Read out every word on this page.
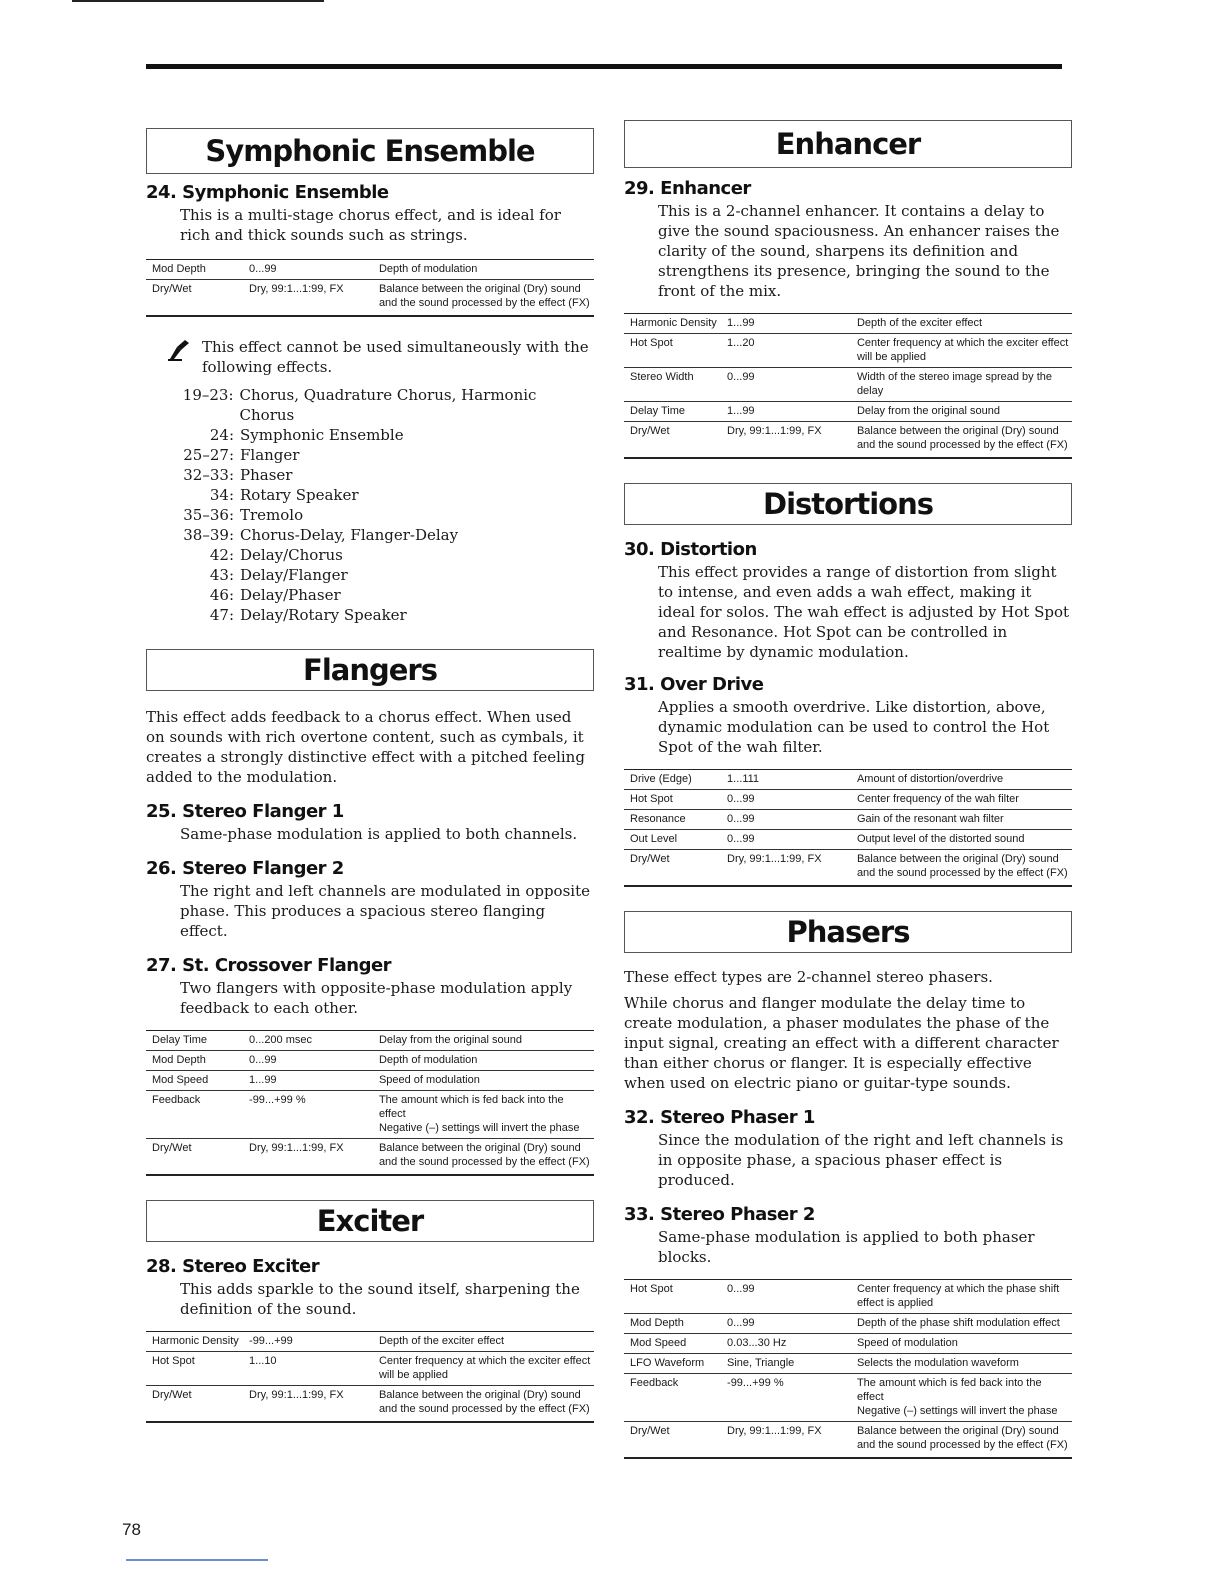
Symphonic Ensemble
24. Symphonic Ensemble

This is a multi-stage chorus effect, and is ideal for rich and thick sounds such as strings.

Mod Depth	0...99	Depth of modulation
Dry/Wet	Dry, 99:1...1:99, FX	Balance between the original (Dry) sound and the sound processed by the effect (FX)

This effect cannot be used simultaneously with the following effects.

19–23: Chorus, Quadrature Chorus, Harmonic Chorus
24: Symphonic Ensemble
25–27: Flanger
32–33: Phaser
34: Rotary Speaker
35–36: Tremolo
38–39: Chorus-Delay, Flanger-Delay
42: Delay/Chorus
43: Delay/Flanger
46: Delay/Phaser
47: Delay/Rotary Speaker
Flangers

This effect adds feedback to a chorus effect. When used on sounds with rich overtone content, such as cymbals, it creates a strongly distinctive effect with a pitched feeling added to the modulation.

25. Stereo Flanger 1

Same-phase modulation is applied to both channels.

26. Stereo Flanger 2

The right and left channels are modulated in opposite phase. This produces a spacious stereo flanging effect.

27. St. Crossover Flanger

Two flangers with opposite-phase modulation apply feedback to each other.

Delay Time	0...200 msec	Delay from the original sound
Mod Depth	0...99	Depth of modulation
Mod Speed	1...99	Speed of modulation
Feedback	-99...+99 %	The amount which is fed back into the effect
Negative (–) settings will invert the phase
Dry/Wet	Dry, 99:1...1:99, FX	Balance between the original (Dry) sound and the sound processed by the effect (FX)
Exciter
28. Stereo Exciter

This adds sparkle to the sound itself, sharpening the definition of the sound.

Harmonic Density	-99...+99	Depth of the exciter effect
Hot Spot	1...10	Center frequency at which the exciter effect will be applied
Dry/Wet	Dry, 99:1...1:99, FX	Balance between the original (Dry) sound and the sound processed by the effect (FX)
Enhancer
29. Enhancer

This is a 2-channel enhancer. It contains a delay to give the sound spaciousness. An enhancer raises the clarity of the sound, sharpens its definition and strengthens its presence, bringing the sound to the front of the mix.

Harmonic Density	1...99	Depth of the exciter effect
Hot Spot	1...20	Center frequency at which the exciter effect will be applied
Stereo Width	0...99	Width of the stereo image spread by the delay
Delay Time	1...99	Delay from the original sound
Dry/Wet	Dry, 99:1...1:99, FX	Balance between the original (Dry) sound and the sound processed by the effect (FX)
Distortions
30. Distortion

This effect provides a range of distortion from slight to intense, and even adds a wah effect, making it ideal for solos. The wah effect is adjusted by Hot Spot and Resonance. Hot Spot can be controlled in realtime by dynamic modulation.

31. Over Drive

Applies a smooth overdrive. Like distortion, above, dynamic modulation can be used to control the Hot Spot of the wah filter.

Drive (Edge)	1...111	Amount of distortion/overdrive
Hot Spot	0...99	Center frequency of the wah filter
Resonance	0...99	Gain of the resonant wah filter
Out Level	0...99	Output level of the distorted sound
Dry/Wet	Dry, 99:1...1:99, FX	Balance between the original (Dry) sound and the sound processed by the effect (FX)
Phasers

These effect types are 2-channel stereo phasers.

While chorus and flanger modulate the delay time to create modulation, a phaser modulates the phase of the input signal, creating an effect with a different character than either chorus or flanger. It is especially effective when used on electric piano or guitar-type sounds.

32. Stereo Phaser 1

Since the modulation of the right and left channels is in opposite phase, a spacious phaser effect is produced.

33. Stereo Phaser 2

Same-phase modulation is applied to both phaser blocks.

Hot Spot	0...99	Center frequency at which the phase shift effect is applied
Mod Depth	0...99	Depth of the phase shift modulation effect
Mod Speed	0.03...30 Hz	Speed of modulation
LFO Waveform	Sine, Triangle	Selects the modulation waveform
Feedback	-99...+99 %	The amount which is fed back into the effect
Negative (–) settings will invert the phase
Dry/Wet	Dry, 99:1...1:99, FX	Balance between the original (Dry) sound and the sound processed by the effect (FX)
78
